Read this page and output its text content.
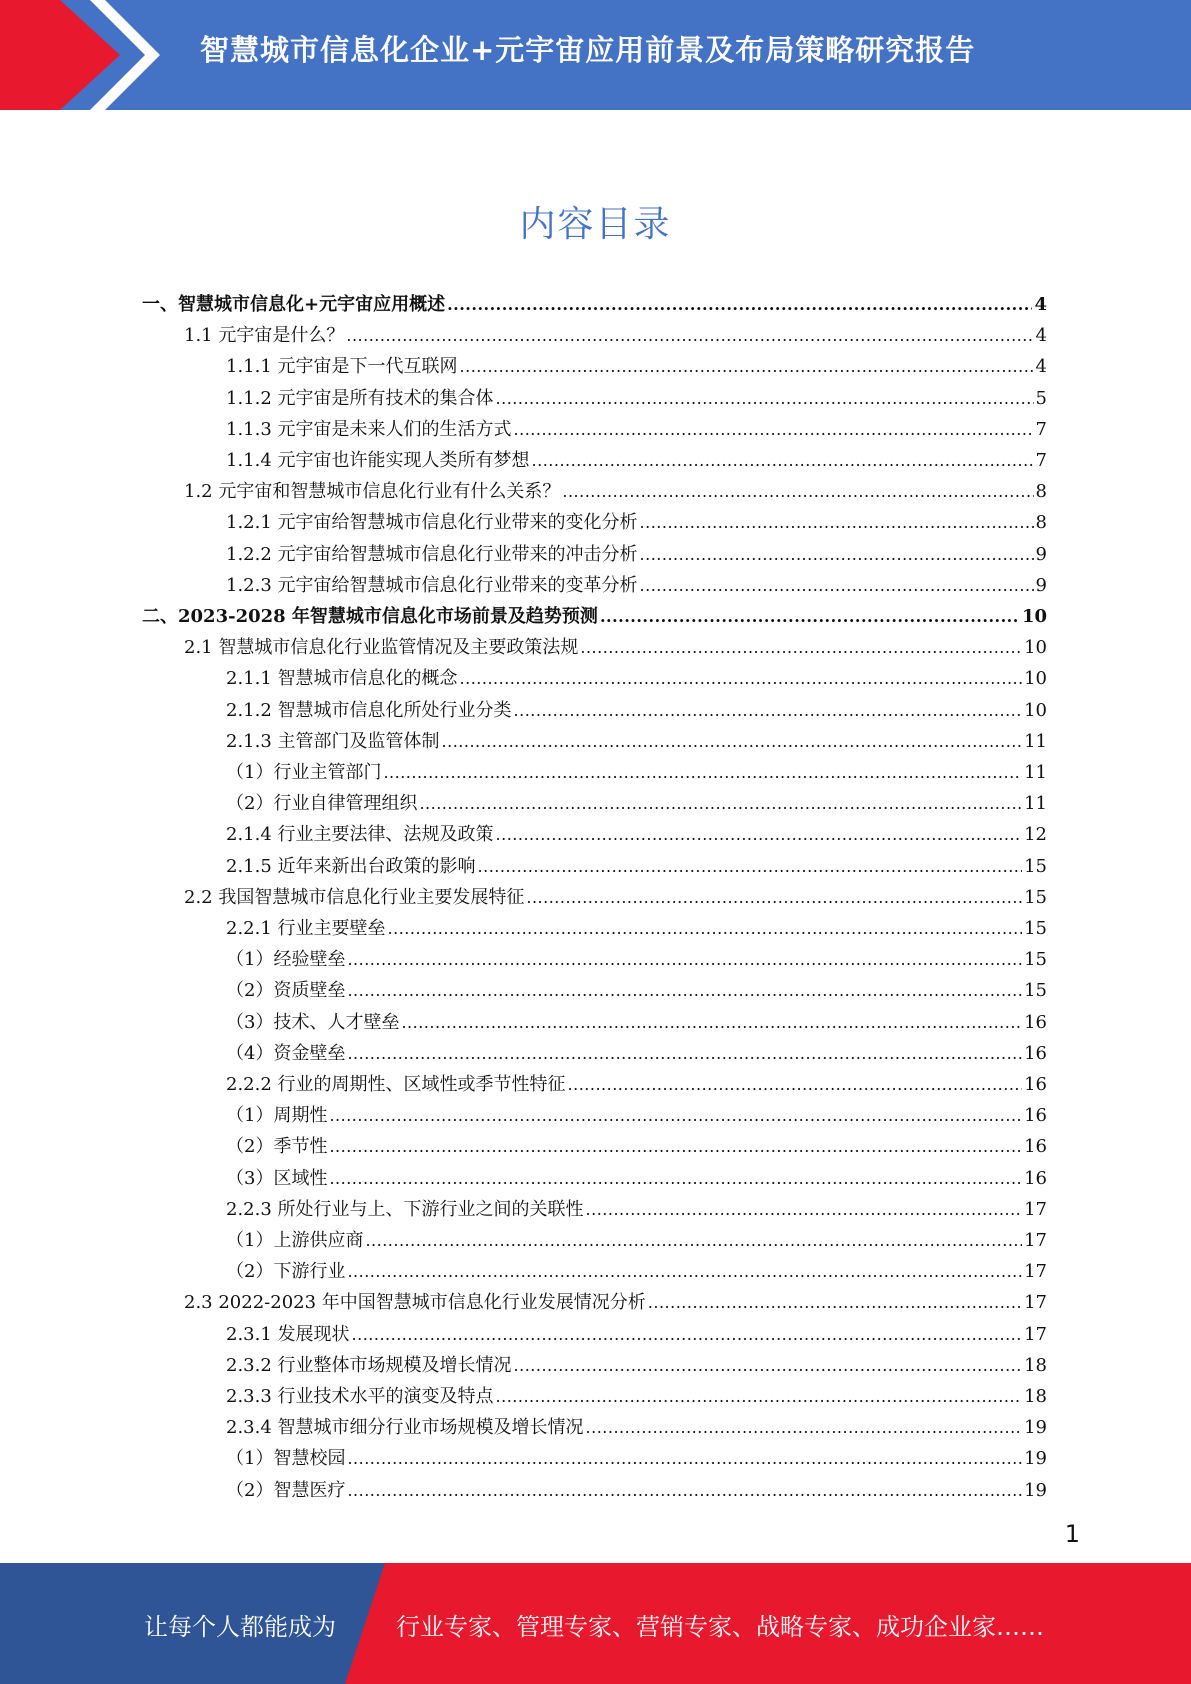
智慧城市信息化企业+元宇宙应用前景及布局策略研究报告
内容目录
一、智慧城市信息化+元宇宙应用概述 .....	4
1.1 元宇宙是什么？ .....	4
1.1.1 元宇宙是下一代互联网 .....	4
1.1.2 元宇宙是所有技术的集合体 .....	5
1.1.3 元宇宙是未来人们的生活方式 .....	7
1.1.4 元宇宙也许能实现人类所有梦想 .....	7
1.2 元宇宙和智慧城市信息化行业有什么关系？ .....	8
1.2.1 元宇宙给智慧城市信息化行业带来的变化分析 .....	8
1.2.2 元宇宙给智慧城市信息化行业带来的冲击分析 .....	9
1.2.3 元宇宙给智慧城市信息化行业带来的变革分析 .....	9
二、2023-2028 年智慧城市信息化市场前景及趋势预测 .....	10
2.1 智慧城市信息化行业监管情况及主要政策法规 .....	10
2.1.1 智慧城市信息化的概念 .....	10
2.1.2 智慧城市信息化所处行业分类 .....	10
2.1.3 主管部门及监管体制 .....	11
（1）行业主管部门 .....	11
（2）行业自律管理组织 .....	11
2.1.4 行业主要法律、法规及政策 .....	12
2.1.5 近年来新出台政策的影响 .....	15
2.2 我国智慧城市信息化行业主要发展特征 .....	15
2.2.1 行业主要壁垒 .....	15
（1）经验壁垒 .....	15
（2）资质壁垒 .....	15
（3）技术、人才壁垒 .....	16
（4）资金壁垒 .....	16
2.2.2 行业的周期性、区域性或季节性特征 .....	16
（1）周期性 .....	16
（2）季节性 .....	16
（3）区域性 .....	16
2.2.3 所处行业与上、下游行业之间的关联性 .....	17
（1）上游供应商 .....	17
（2）下游行业 .....	17
2.3 2022-2023 年中国智慧城市信息化行业发展情况分析 .....	17
2.3.1 发展现状 .....	17
2.3.2 行业整体市场规模及增长情况 .....	18
2.3.3 行业技术水平的演变及特点 .....	18
2.3.4 智慧城市细分行业市场规模及增长情况 .....	19
（1）智慧校园 .....	19
（2）智慧医疗 .....	19
1
让每个人都能成为	行业专家、管理专家、营销专家、战略专家、成功企业家……
